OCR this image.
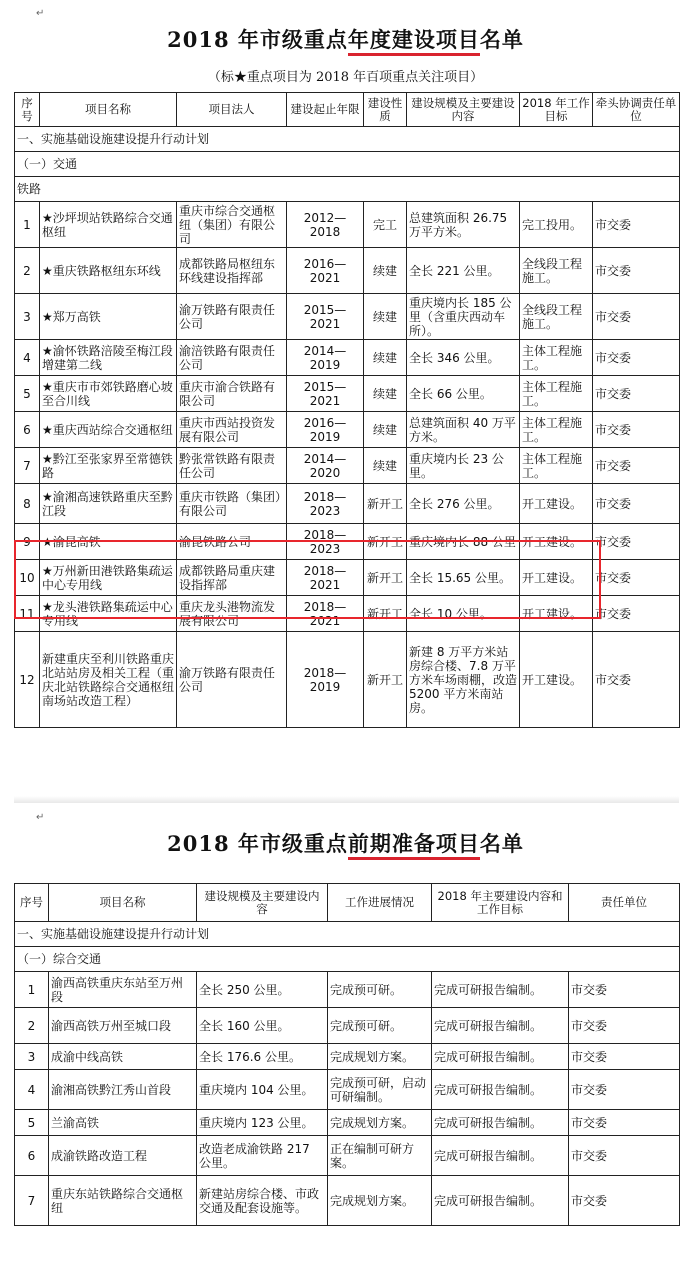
↵
2018 年市级重点年度建设项目名单
（标★重点项目为 2018 年百项重点关注项目）
序号	项目名称	项目法人	建设起止年限	建设性质	建设规模及主要建设内容	2018 年工作目标	牵头协调责任单位
一、实施基础设施建设提升行动计划							
（一）交通							
铁路							
1	★沙坪坝站铁路综合交通枢纽	重庆市综合交通枢纽（集团）有限公司	2012—2018	完工	总建筑面积 26.75 万平方米。	完工投用。	市交委
2	★重庆铁路枢纽东环线	成都铁路局枢纽东环线建设指挥部	2016—2021	续建	全长 221 公里。	全线段工程施工。	市交委
3	★郑万高铁	渝万铁路有限责任公司	2015—2021	续建	重庆境内长 185 公里（含重庆西动车所）。	全线段工程施工。	市交委
4	★渝怀铁路涪陵至梅江段增建第二线	渝涪铁路有限责任公司	2014—2019	续建	全长 346 公里。	主体工程施工。	市交委
5	★重庆市市郊铁路磨心坡至合川线	重庆市渝合铁路有限公司	2015—2021	续建	全长 66 公里。	主体工程施工。	市交委
6	★重庆西站综合交通枢纽	重庆市西站投资发展有限公司	2016—2019	续建	总建筑面积 40 万平方米。	主体工程施工。	市交委
7	★黔江至张家界至常德铁路	黔张常铁路有限责任公司	2014—2020	续建	重庆境内长 23 公里。	主体工程施工。	市交委
8	★渝湘高速铁路重庆至黔江段	重庆市铁路（集团）有限公司	2018—2023	新开工	全长 276 公里。	开工建设。	市交委
9	★渝昆高铁	渝昆铁路公司	2018—2023	新开工	重庆境内长 88 公里	开工建设。	市交委
10	★万州新田港铁路集疏运中心专用线	成都铁路局重庆建设指挥部	2018—2021	新开工	全长 15.65 公里。	开工建设。	市交委
11	★龙头港铁路集疏运中心专用线	重庆龙头港物流发展有限公司	2018—2021	新开工	全长 10 公里。	开工建设。	市交委
12	新建重庆至利川铁路重庆北站站房及相关工程（重庆北站铁路综合交通枢纽南场站改造工程）	渝万铁路有限责任公司	2018—2019	新开工	新建 8 万平方米站房综合楼、7.8 万平方米车场雨棚，改造 5200 平方米南站房。	开工建设。	市交委
↵
2018 年市级重点前期准备项目名单
序号	项目名称	建设规模及主要建设内容	工作进展情况	2018 年主要建设内容和工作目标	责任单位
一、实施基础设施建设提升行动计划					
（一）综合交通					
1	渝西高铁重庆东站至万州段	全长 250 公里。	完成预可研。	完成可研报告编制。	市交委
2	渝西高铁万州至城口段	全长 160 公里。	完成预可研。	完成可研报告编制。	市交委
3	成渝中线高铁	全长 176.6 公里。	完成规划方案。	完成可研报告编制。	市交委
4	渝湘高铁黔江秀山首段	重庆境内 104 公里。	完成预可研，启动可研编制。	完成可研报告编制。	市交委
5	兰渝高铁	重庆境内 123 公里。	完成规划方案。	完成可研报告编制。	市交委
6	成渝铁路改造工程	改造老成渝铁路 217 公里。	正在编制可研方案。	完成可研报告编制。	市交委
7	重庆东站铁路综合交通枢纽	新建站房综合楼、市政交通及配套设施等。	完成规划方案。	完成可研报告编制。	市交委
